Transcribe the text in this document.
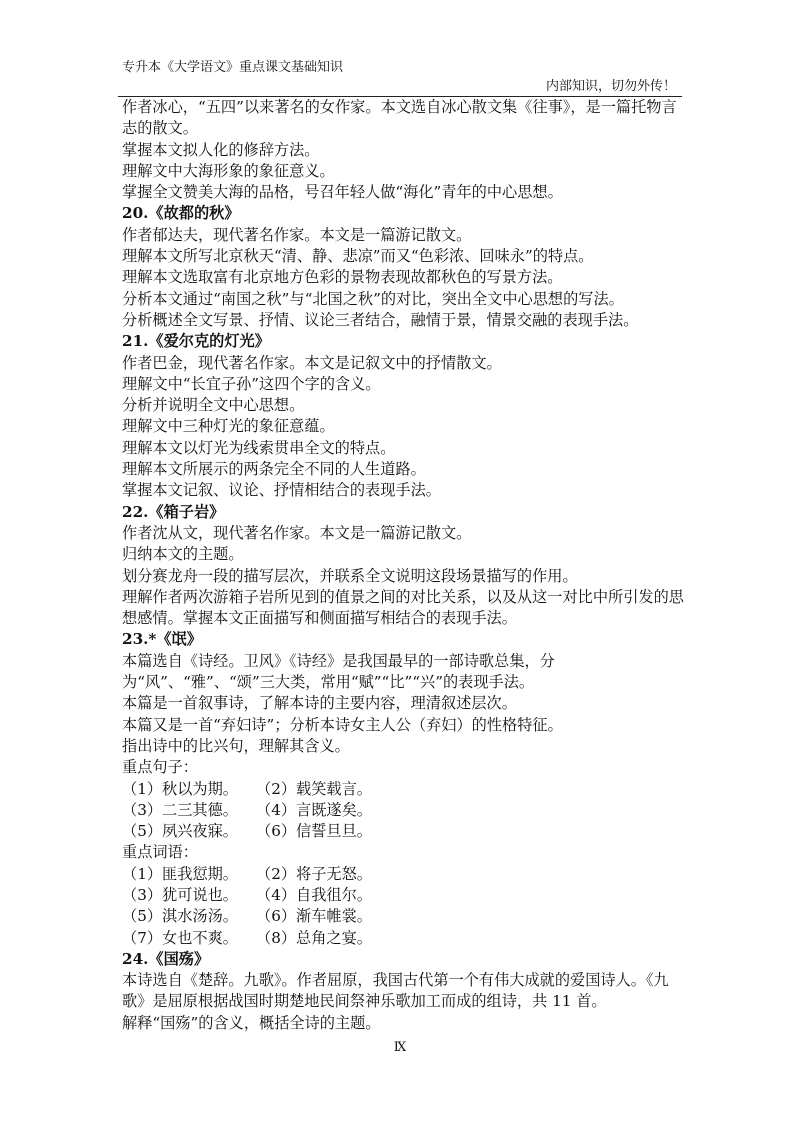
专升本《大学语文》重点课文基础知识
内部知识，切勿外传！

作者冰心，“五四”以来著名的女作家。本文选自冰心散文集《往事》，是一篇托物言志的散文。

掌握本文拟人化的修辞方法。

理解文中大海形象的象征意义。

掌握全文赞美大海的品格，号召年轻人做“海化”青年的中心思想。

20.《故都的秋》

作者郁达夫，现代著名作家。本文是一篇游记散文。

理解本文所写北京秋天“清、静、悲凉”而又“色彩浓、回味永”的特点。

理解本文选取富有北京地方色彩的景物表现故都秋色的写景方法。

分析本文通过“南国之秋”与“北国之秋”的对比，突出全文中心思想的写法。

分析概述全文写景、抒情、议论三者结合，融情于景，情景交融的表现手法。

21.《爱尔克的灯光》

作者巴金，现代著名作家。本文是记叙文中的抒情散文。

理解文中“长宜子孙”这四个字的含义。

分析并说明全文中心思想。

理解文中三种灯光的象征意蕴。

理解本文以灯光为线索贯串全文的特点。

理解本文所展示的两条完全不同的人生道路。

掌握本文记叙、议论、抒情相结合的表现手法。

22.《箱子岩》

作者沈从文，现代著名作家。本文是一篇游记散文。

归纳本文的主题。

划分赛龙舟一段的描写层次，并联系全文说明这段场景描写的作用。

理解作者两次游箱子岩所见到的值景之间的对比关系，以及从这一对比中所引发的思想感情。掌握本文正面描写和侧面描写相结合的表现手法。

23.*《氓》

本篇选自《诗经。卫风》《诗经》是我国最早的一部诗歌总集，分为“风”、“雅”、“颂”三大类，常用“赋”“比”“兴”的表现手法。

本篇是一首叙事诗，了解本诗的主要内容，理清叙述层次。

本篇又是一首“弃妇诗”；分析本诗女主人公（弃妇）的性格特征。

指出诗中的比兴句，理解其含义。

重点句子：

（1）秋以为期。	（2）载笑载言。
（3）二三其德。	（4）言既遂矣。
（5）夙兴夜寐。	（6）信誓旦旦。

重点词语：

（1）匪我愆期。	（2）将子无怒。
（3）犹可说也。	（4）自我徂尔。
（5）淇水汤汤。	（6）渐车帷裳。
（7）女也不爽。	（8）总角之宴。
24.《国殇》

本诗选自《楚辞。九歌》。作者屈原，我国古代第一个有伟大成就的爱国诗人。《九歌》是屈原根据战国时期楚地民间祭神乐歌加工而成的组诗，共 11 首。

解释“国殇”的含义，概括全诗的主题。

Ⅸ
